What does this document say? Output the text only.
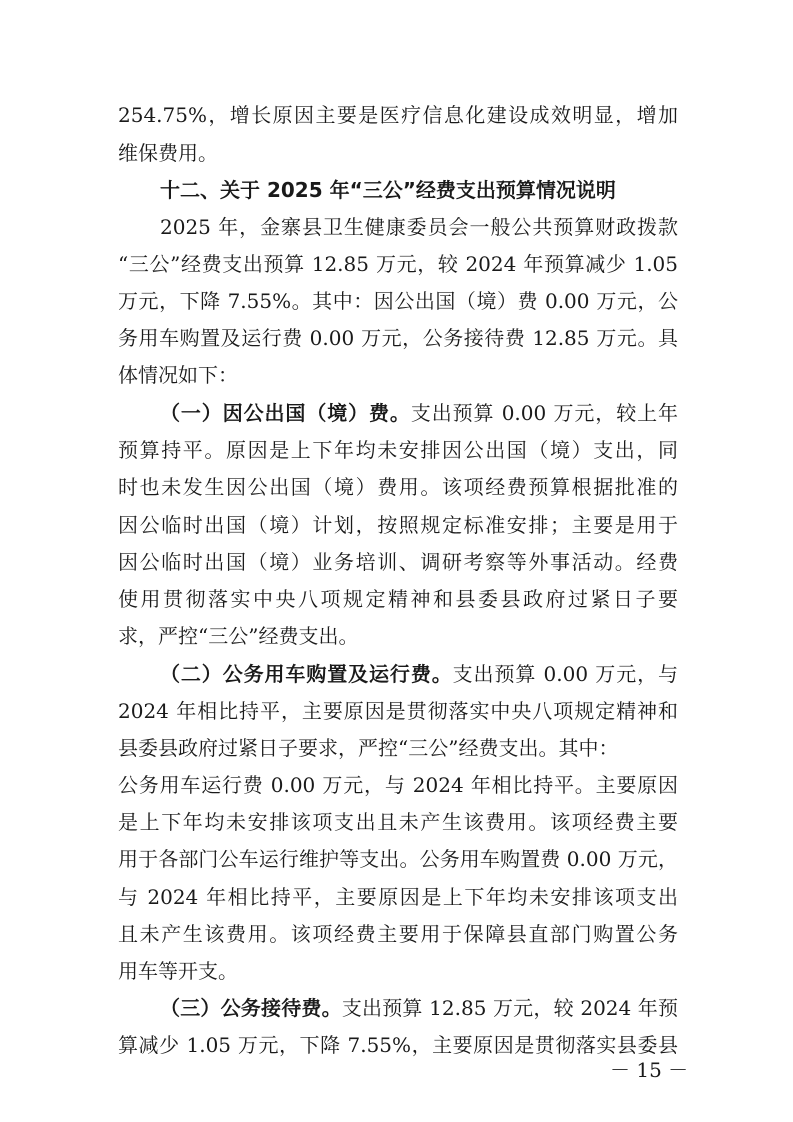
254.75%，增长原因主要是医疗信息化建设成效明显，增加
维保费用。
十二、关于 2025 年“三公”经费支出预算情况说明
2025 年，金寨县卫生健康委员会一般公共预算财政拨款
“三公”经费支出预算 12.85 万元，较 2024 年预算减少 1.05
万元，下降 7.55%。其中：因公出国（境）费 0.00 万元，公
务用车购置及运行费 0.00 万元，公务接待费 12.85 万元。具
体情况如下：
（一）因公出国（境）费。支出预算 0.00 万元，较上年
预算持平。原因是上下年均未安排因公出国（境）支出，同
时也未发生因公出国（境）费用。该项经费预算根据批准的
因公临时出国（境）计划，按照规定标准安排；主要是用于
因公临时出国（境）业务培训、调研考察等外事活动。经费
使用贯彻落实中央八项规定精神和县委县政府过紧日子要
求，严控“三公”经费支出。
（二）公务用车购置及运行费。支出预算 0.00 万元，与
2024 年相比持平，主要原因是贯彻落实中央八项规定精神和
县委县政府过紧日子要求，严控“三公”经费支出。其中：
公务用车运行费 0.00 万元，与 2024 年相比持平。主要原因
是上下年均未安排该项支出且未产生该费用。该项经费主要
用于各部门公车运行维护等支出。公务用车购置费 0.00 万元，
与 2024 年相比持平，主要原因是上下年均未安排该项支出
且未产生该费用。该项经费主要用于保障县直部门购置公务
用车等开支。
（三）公务接待费。支出预算 12.85 万元，较 2024 年预
算减少 1.05 万元，下降 7.55%，主要原因是贯彻落实县委县
－ 15 －
